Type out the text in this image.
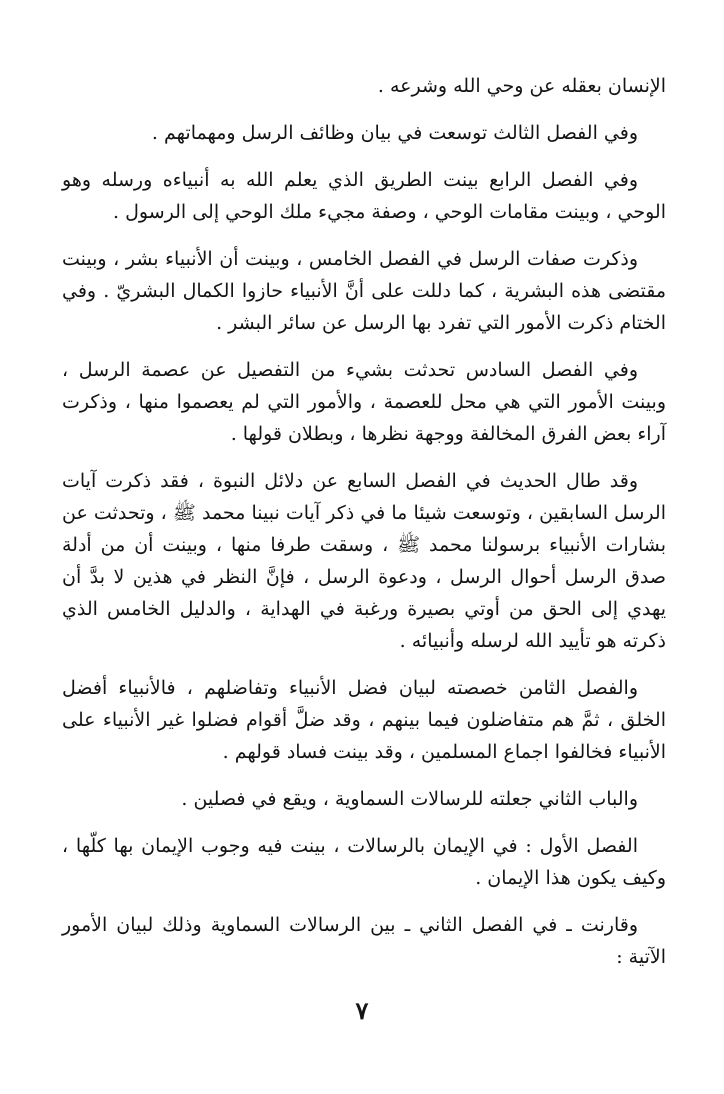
الإنسان بعقله عن وحي الله وشرعه .

وفي الفصل الثالث توسعت في بيان وظائف الرسل ومهماتهم .

وفي الفصل الرابع بينت الطريق الذي يعلم الله به أنبياءه ورسله وهو الوحي ، وبينت مقامات الوحي ، وصفة مجيء ملك الوحي إلى الرسول .

وذكرت صفات الرسل في الفصل الخامس ، وبينت أن الأنبياء بشر ، وبينت مقتضى هذه البشرية ، كما دللت على أنَّ الأنبياء حازوا الكمال البشريّ . وفي الختام ذكرت الأمور التي تفرد بها الرسل عن سائر البشر .

وفي الفصل السادس تحدثت بشيء من التفصيل عن عصمة الرسل ، وبينت الأمور التي هي محل للعصمة ، والأمور التي لم يعصموا منها ، وذكرت آراء بعض الفرق المخالفة ووجهة نظرها ، وبطلان قولها .

وقد طال الحديث في الفصل السابع عن دلائل النبوة ، فقد ذكرت آيات الرسل السابقين ، وتوسعت شيئا ما في ذكر آيات نبينا محمد ﷺ ، وتحدثت عن بشارات الأنبياء برسولنا محمد ﷺ ، وسقت طرفا منها ، وبينت أن من أدلة صدق الرسل أحوال الرسل ، ودعوة الرسل ، فإنَّ النظر في هذين لا بدَّ أن يهدي إلى الحق من أوتي بصيرة ورغبة في الهداية ، والدليل الخامس الذي ذكرته هو تأييد الله لرسله وأنبيائه .

والفصل الثامن خصصته لبيان فضل الأنبياء وتفاضلهم ، فالأنبياء أفضل الخلق ، ثمَّ هم متفاضلون فيما بينهم ، وقد ضلَّ أقوام فضلوا غير الأنبياء على الأنبياء فخالفوا اجماع المسلمين ، وقد بينت فساد قولهم .

والباب الثاني جعلته للرسالات السماوية ، ويقع في فصلين .

الفصل الأول : في الإيمان بالرسالات ، بينت فيه وجوب الإيمان بها كلّها ، وكيف يكون هذا الإيمان .

وقارنت ـ في الفصل الثاني ـ بين الرسالات السماوية وذلك لبيان الأمور الآتية :

٧
